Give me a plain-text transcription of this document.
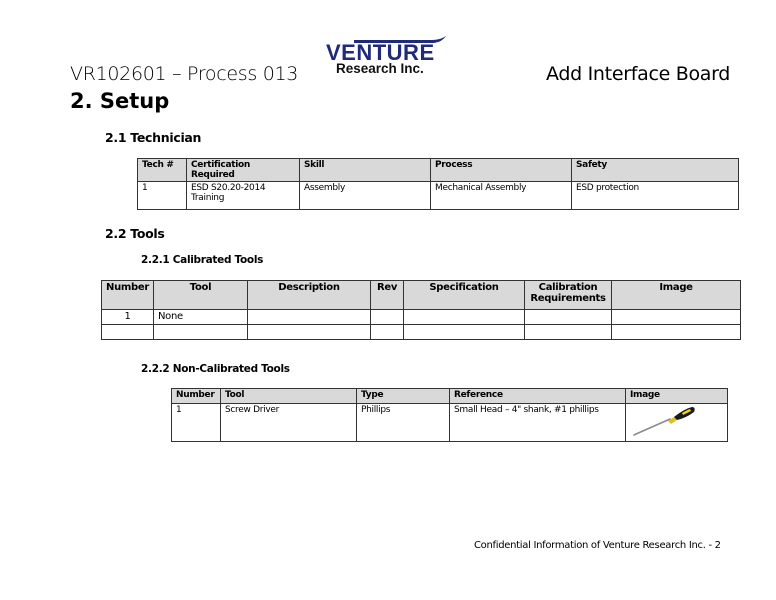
VR102601 – Process 013	Add Interface Board
VENTURE
Research Inc.
2. Setup
2.1 Technician
Tech #	Certification Required	Skill	Process	Safety
1	ESD S20.20-2014 Training	Assembly	Mechanical Assembly	ESD protection
2.2 Tools
2.2.1 Calibrated Tools
Number	Tool	Description	Rev	Specification	Calibration Requirements	Image
1	None					

2.2.2 Non-Calibrated Tools
Number	Tool	Type	Reference	Image
1	Screw Driver	Phillips	Small Head – 4" shank, #1 phillips	
Confidential Information of Venture Research Inc. - 2
